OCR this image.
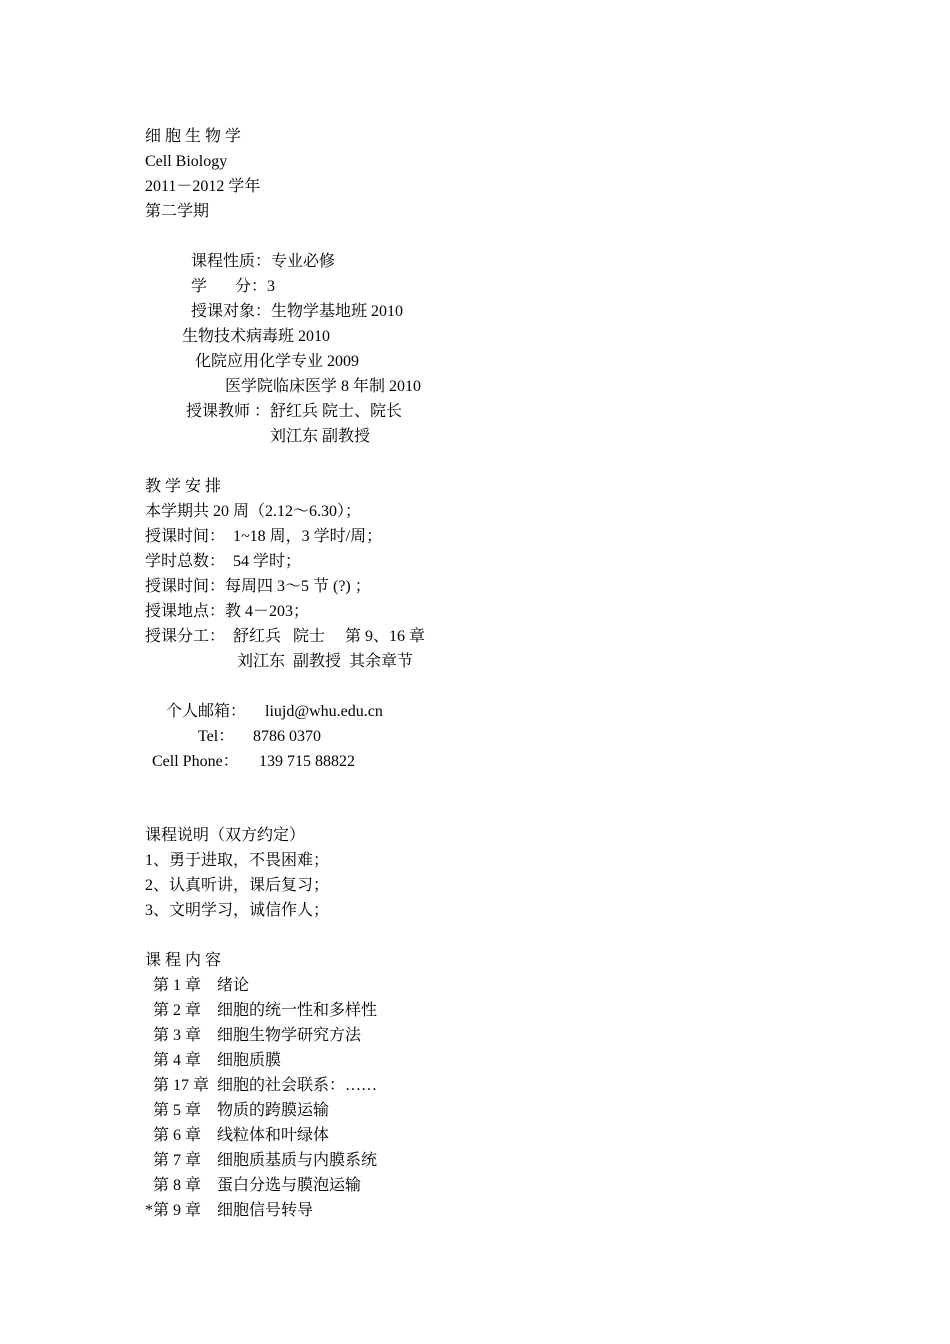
细 胞 生 物 学
Cell Biology
2011－2012 学年
第二学期
课程性质：专业必修
学       分：3
授课对象：生物学基地班 2010
生物技术病毒班 2010
化院应用化学专业 2009
医学院临床医学 8 年制 2010
授课教师 ：舒红兵 院士、院长
刘江东 副教授
教 学 安 排
本学期共 20 周（2.12～6.30）；
授课时间：  1~18 周，3 学时/周；
学时总数：  54 学时；
授课时间：每周四 3～5 节 (?) ；
授课地点：教 4－203；
授课分工：  舒红兵   院士     第 9、16 章
刘江东  副教授  其余章节
个人邮箱： liujd@whu.edu.cn
Tel： 8786 0370
Cell Phone： 139 715 88822
课程说明（双方约定）
1、勇于进取，不畏困难；
2、认真听讲，课后复习；
3、文明学习，诚信作人；
课 程 内 容
第 1 章    绪论
第 2 章    细胞的统一性和多样性
第 3 章    细胞生物学研究方法
第 4 章    细胞质膜
第 17 章  细胞的社会联系：……
第 5 章    物质的跨膜运输
第 6 章    线粒体和叶绿体
第 7 章    细胞质基质与内膜系统
第 8 章    蛋白分选与膜泡运输
*第 9 章    细胞信号转导
